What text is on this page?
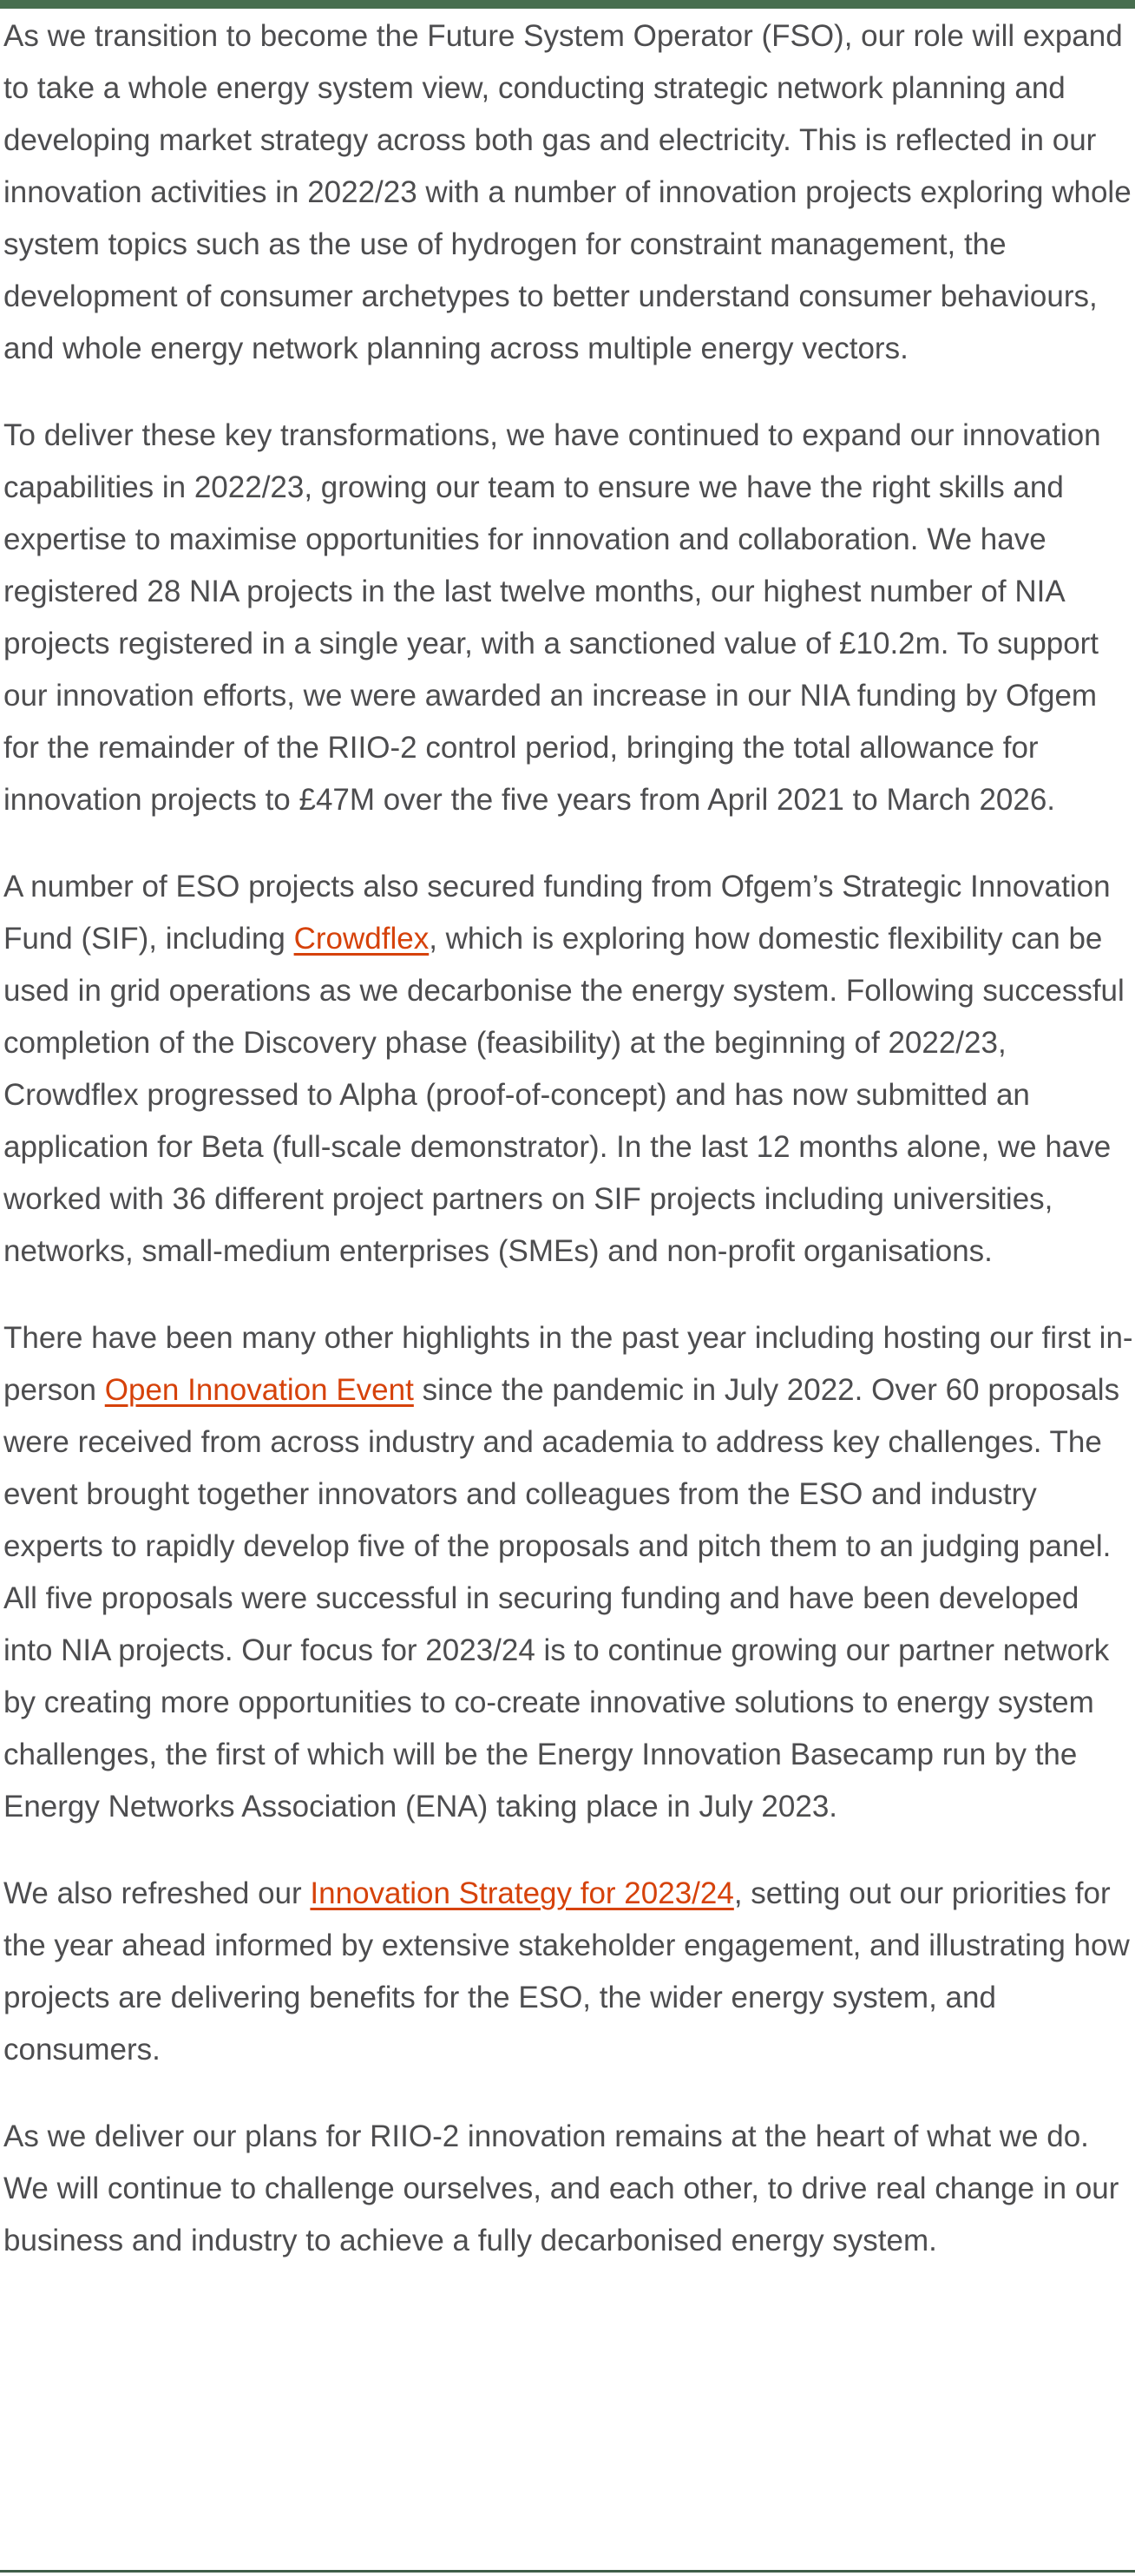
As we transition to become the Future System Operator (FSO), our role will expand to take a whole energy system view, conducting strategic network planning and developing market strategy across both gas and electricity. This is reflected in our innovation activities in 2022/23 with a number of innovation projects exploring whole system topics such as the use of hydrogen for constraint management, the development of consumer archetypes to better understand consumer behaviours, and whole energy network planning across multiple energy vectors.

To deliver these key transformations, we have continued to expand our innovation capabilities in 2022/23, growing our team to ensure we have the right skills and expertise to maximise opportunities for innovation and collaboration. We have registered 28 NIA projects in the last twelve months, our highest number of NIA projects registered in a single year, with a sanctioned value of £10.2m. To support our innovation efforts, we were awarded an increase in our NIA funding by Ofgem for the remainder of the RIIO-2 control period, bringing the total allowance for innovation projects to £47M over the five years from April 2021 to March 2026.

A number of ESO projects also secured funding from Ofgem’s Strategic Innovation Fund (SIF), including Crowdflex, which is exploring how domestic flexibility can be used in grid operations as we decarbonise the energy system. Following successful completion of the Discovery phase (feasibility) at the beginning of 2022/23, Crowdflex progressed to Alpha (proof-of-concept) and has now submitted an application for Beta (full-scale demonstrator). In the last 12 months alone, we have worked with 36 different project partners on SIF projects including universities, networks, small-medium enterprises (SMEs) and non-profit organisations.

There have been many other highlights in the past year including hosting our first in-person Open Innovation Event since the pandemic in July 2022. Over 60 proposals were received from across industry and academia to address key challenges. The event brought together innovators and colleagues from the ESO and industry experts to rapidly develop five of the proposals and pitch them to an judging panel. All five proposals were successful in securing funding and have been developed into NIA projects. Our focus for 2023/24 is to continue growing our partner network by creating more opportunities to co-create innovative solutions to energy system challenges, the first of which will be the Energy Innovation Basecamp run by the Energy Networks Association (ENA) taking place in July 2023.

We also refreshed our Innovation Strategy for 2023/24, setting out our priorities for the year ahead informed by extensive stakeholder engagement, and illustrating how projects are delivering benefits for the ESO, the wider energy system, and consumers.

As we deliver our plans for RIIO-2 innovation remains at the heart of what we do. We will continue to challenge ourselves, and each other, to drive real change in our business and industry to achieve a fully decarbonised energy system.
